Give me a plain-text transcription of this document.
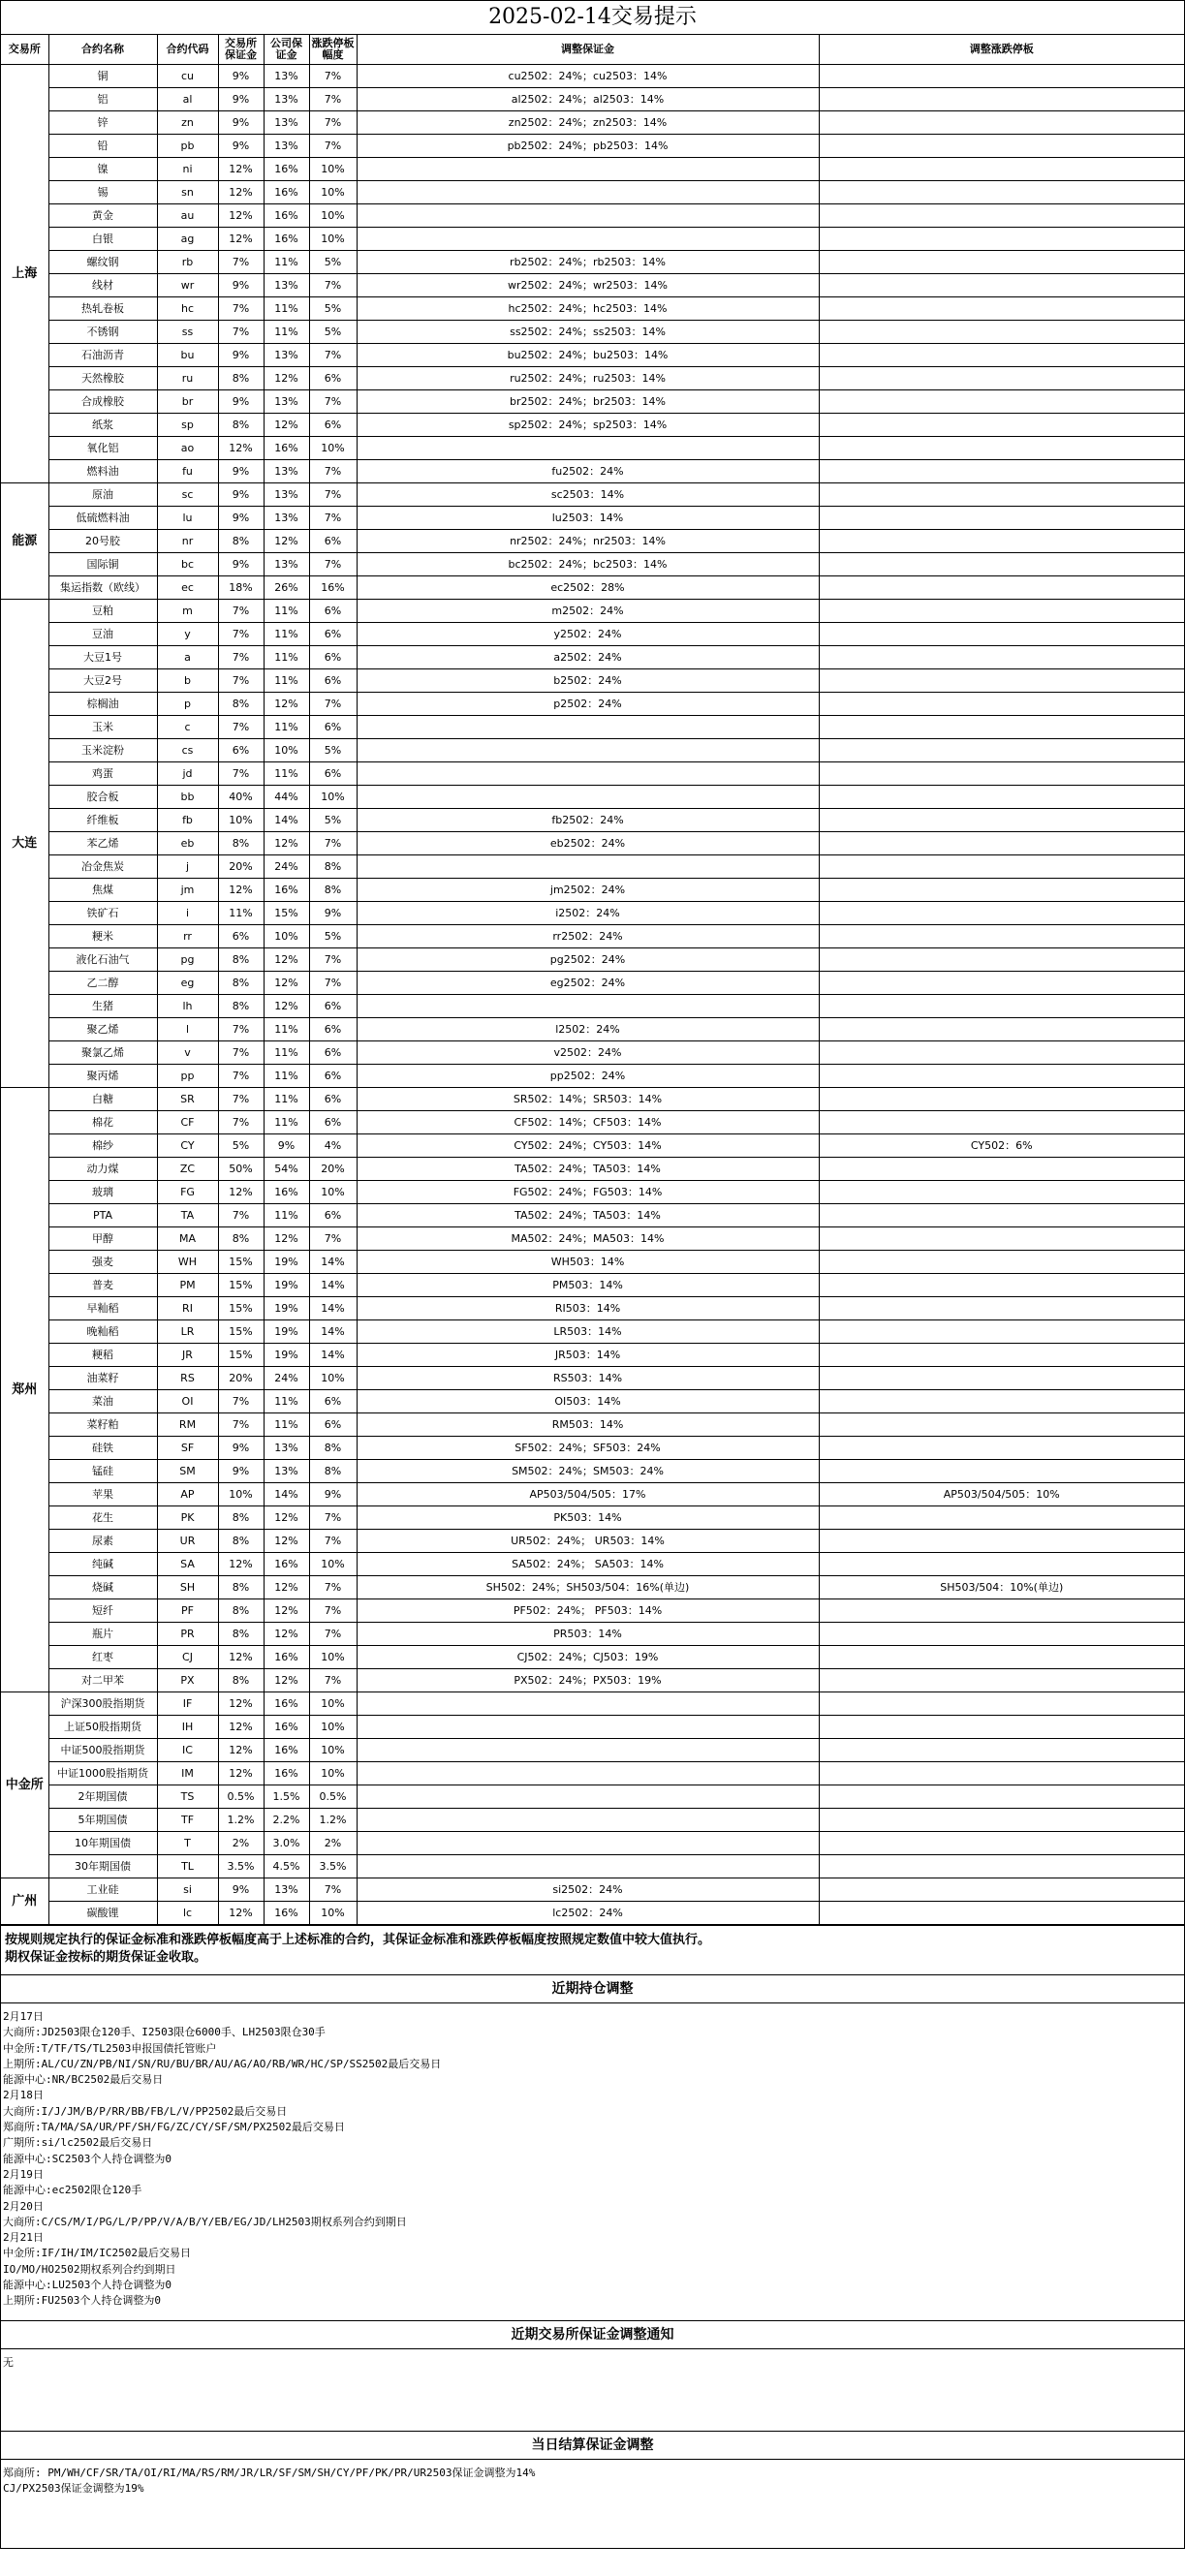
2025-02-14交易提示
交易所	合约名称	合约代码	交易所保证金	公司保证金	涨跌停板幅度	调整保证金	调整涨跌停板
上海	铜	cu	9%	13%	7%	cu2502：24%；cu2503：14%	
	铝	al	9%	13%	7%	al2502：24%；al2503：14%	
	锌	zn	9%	13%	7%	zn2502：24%；zn2503：14%	
	铅	pb	9%	13%	7%	pb2502：24%；pb2503：14%	
	镍	ni	12%	16%	10%		
	锡	sn	12%	16%	10%		
	黄金	au	12%	16%	10%		
	白银	ag	12%	16%	10%		
	螺纹钢	rb	7%	11%	5%	rb2502：24%；rb2503：14%	
	线材	wr	9%	13%	7%	wr2502：24%；wr2503：14%	
	热轧卷板	hc	7%	11%	5%	hc2502：24%；hc2503：14%	
	不锈钢	ss	7%	11%	5%	ss2502：24%；ss2503：14%	
	石油沥青	bu	9%	13%	7%	bu2502：24%；bu2503：14%	
	天然橡胶	ru	8%	12%	6%	ru2502：24%；ru2503：14%	
	合成橡胶	br	9%	13%	7%	br2502：24%；br2503：14%	
	纸浆	sp	8%	12%	6%	sp2502：24%；sp2503：14%	
	氧化铝	ao	12%	16%	10%		
	燃料油	fu	9%	13%	7%	fu2502：24%	
能源	原油	sc	9%	13%	7%	sc2503：14%	
	低硫燃料油	lu	9%	13%	7%	lu2503：14%	
	20号胶	nr	8%	12%	6%	nr2502：24%；nr2503：14%	
	国际铜	bc	9%	13%	7%	bc2502：24%；bc2503：14%	
	集运指数（欧线）	ec	18%	26%	16%	ec2502：28%	
大连	豆粕	m	7%	11%	6%	m2502：24%	
	豆油	y	7%	11%	6%	y2502：24%	
	大豆1号	a	7%	11%	6%	a2502：24%	
	大豆2号	b	7%	11%	6%	b2502：24%	
	棕榈油	p	8%	12%	7%	p2502：24%	
	玉米	c	7%	11%	6%		
	玉米淀粉	cs	6%	10%	5%		
	鸡蛋	jd	7%	11%	6%		
	胶合板	bb	40%	44%	10%		
	纤维板	fb	10%	14%	5%	fb2502：24%	
	苯乙烯	eb	8%	12%	7%	eb2502：24%	
	冶金焦炭	j	20%	24%	8%		
	焦煤	jm	12%	16%	8%	jm2502：24%	
	铁矿石	i	11%	15%	9%	i2502：24%	
	粳米	rr	6%	10%	5%	rr2502：24%	
	液化石油气	pg	8%	12%	7%	pg2502：24%	
	乙二醇	eg	8%	12%	7%	eg2502：24%	
	生猪	lh	8%	12%	6%		
	聚乙烯	l	7%	11%	6%	l2502：24%	
	聚氯乙烯	v	7%	11%	6%	v2502：24%	
	聚丙烯	pp	7%	11%	6%	pp2502：24%	
郑州	白糖	SR	7%	11%	6%	SR502：14%；SR503：14%	
	棉花	CF	7%	11%	6%	CF502：14%；CF503：14%	
	棉纱	CY	5%	9%	4%	CY502：24%；CY503：14%	CY502：6%
	动力煤	ZC	50%	54%	20%	TA502：24%；TA503：14%	
	玻璃	FG	12%	16%	10%	FG502：24%；FG503：14%	
	PTA	TA	7%	11%	6%	TA502：24%；TA503：14%	
	甲醇	MA	8%	12%	7%	MA502：24%；MA503：14%	
	强麦	WH	15%	19%	14%	WH503：14%	
	普麦	PM	15%	19%	14%	PM503：14%	
	早籼稻	RI	15%	19%	14%	RI503：14%	
	晚籼稻	LR	15%	19%	14%	LR503：14%	
	粳稻	JR	15%	19%	14%	JR503：14%	
	油菜籽	RS	20%	24%	10%	RS503：14%	
	菜油	OI	7%	11%	6%	OI503：14%	
	菜籽粕	RM	7%	11%	6%	RM503：14%	
	硅铁	SF	9%	13%	8%	SF502：24%；SF503：24%	
	锰硅	SM	9%	13%	8%	SM502：24%；SM503：24%	
	苹果	AP	10%	14%	9%	AP503/504/505：17%	AP503/504/505：10%
	花生	PK	8%	12%	7%	PK503：14%	
	尿素	UR	8%	12%	7%	UR502：24%； UR503：14%	
	纯碱	SA	12%	16%	10%	SA502：24%； SA503：14%	
	烧碱	SH	8%	12%	7%	SH502：24%；SH503/504：16%(单边)	SH503/504：10%(单边)
	短纤	PF	8%	12%	7%	PF502：24%； PF503：14%	
	瓶片	PR	8%	12%	7%	PR503：14%	
	红枣	CJ	12%	16%	10%	CJ502：24%；CJ503：19%	
	对二甲苯	PX	8%	12%	7%	PX502：24%；PX503：19%	
中金所	沪深300股指期货	IF	12%	16%	10%		
	上证50股指期货	IH	12%	16%	10%		
	中证500股指期货	IC	12%	16%	10%		
	中证1000股指期货	IM	12%	16%	10%		
	2年期国债	TS	0.5%	1.5%	0.5%		
	5年期国债	TF	1.2%	2.2%	1.2%		
	10年期国债	T	2%	3.0%	2%		
	30年期国债	TL	3.5%	4.5%	3.5%		
广州	工业硅	si	9%	13%	7%	si2502：24%	
	碳酸锂	lc	12%	16%	10%	lc2502：24%	
按规则规定执行的保证金标准和涨跌停板幅度高于上述标准的合约，其保证金标准和涨跌停板幅度按照规定数值中较大值执行。
期权保证金按标的期货保证金收取。
近期持仓调整
2月17日
大商所:JD2503限仓120手、I2503限仓6000手、LH2503限仓30手
中金所:T/TF/TS/TL2503申报国债托管账户
上期所:AL/CU/ZN/PB/NI/SN/RU/BU/BR/AU/AG/AO/RB/WR/HC/SP/SS2502最后交易日
能源中心:NR/BC2502最后交易日
2月18日
大商所:I/J/JM/B/P/RR/BB/FB/L/V/PP2502最后交易日
郑商所:TA/MA/SA/UR/PF/SH/FG/ZC/CY/SF/SM/PX2502最后交易日
广期所:si/lc2502最后交易日
能源中心:SC2503个人持仓调整为0
2月19日
能源中心:ec2502限仓120手
2月20日
大商所:C/CS/M/I/PG/L/P/PP/V/A/B/Y/EB/EG/JD/LH2503期权系列合约到期日
2月21日
中金所:IF/IH/IM/IC2502最后交易日
IO/MO/HO2502期权系列合约到期日
能源中心:LU2503个人持仓调整为0
上期所:FU2503个人持仓调整为0
近期交易所保证金调整通知
无
当日结算保证金调整
郑商所: PM/WH/CF/SR/TA/OI/RI/MA/RS/RM/JR/LR/SF/SM/SH/CY/PF/PK/PR/UR2503保证金调整为14%
CJ/PX2503保证金调整为19%
